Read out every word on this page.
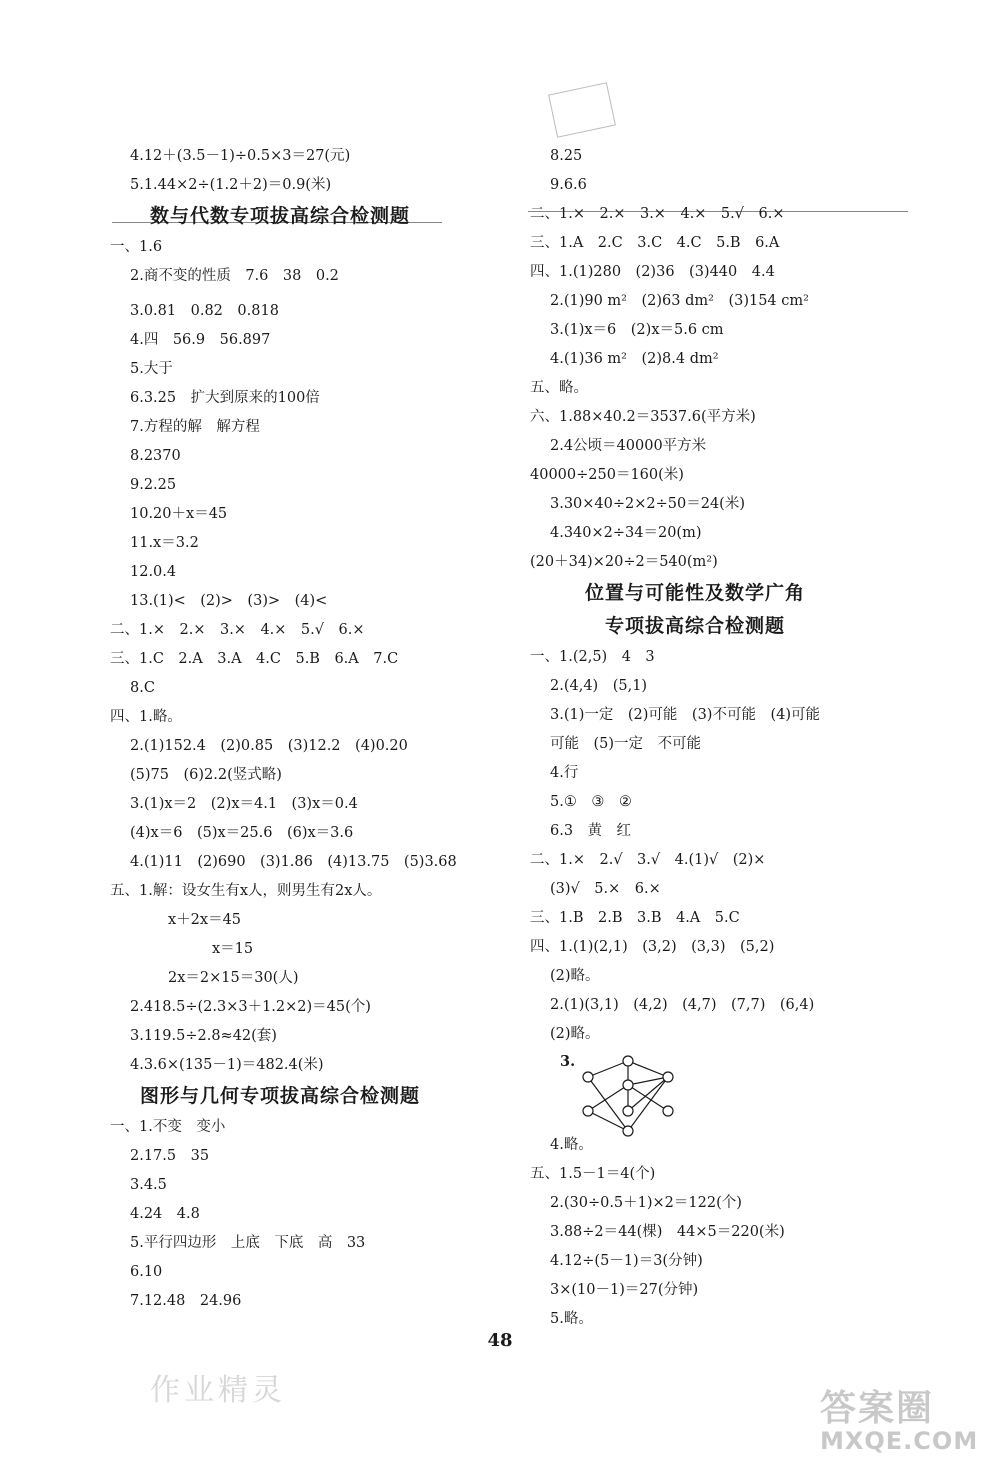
4.12＋(3.5－1)÷0.5×3＝27(元)
5.1.44×2÷(1.2＋2)＝0.9(米)
数与代数专项拔高综合检测题
一、1.6
2.商不变的性质　7.6　38　0.2
3.0.81　0.82　0.818
4.四　56.9　56.897
5.大于
6.3.25　扩大到原来的100倍
7.方程的解　解方程
8.2370
9.2.25
10.20＋x＝45
11.x＝3.2
12.0.4
13.(1)<　(2)>　(3)>　(4)<
二、1.×　2.×　3.×　4.×　5.√　6.×
三、1.C　2.A　3.A　4.C　5.B　6.A　7.C
8.C
四、1.略。
2.(1)152.4　(2)0.85　(3)12.2　(4)0.20
(5)75　(6)2.2(竖式略)
3.(1)x＝2　(2)x＝4.1　(3)x＝0.4
(4)x＝6　(5)x＝25.6　(6)x＝3.6
4.(1)11　(2)690　(3)1.86　(4)13.75　(5)3.68
五、1.解：设女生有x人，则男生有2x人。
x＋2x＝45
x＝15
2x＝2×15＝30(人)
2.418.5÷(2.3×3＋1.2×2)＝45(个)
3.119.5÷2.8≈42(套)
4.3.6×(135－1)＝482.4(米)
图形与几何专项拔高综合检测题
一、1.不变　变小
2.17.5　35
3.4.5
4.24　4.8
5.平行四边形　上底　下底　高　33
6.10
7.12.48　24.96
8.25
9.6.6
二、1.×　2.×　3.×　4.×　5.√　6.×
三、1.A　2.C　3.C　4.C　5.B　6.A
四、1.(1)280　(2)36　(3)440　4.4
2.(1)90 m²　(2)63 dm²　(3)154 cm²
3.(1)x＝6　(2)x＝5.6 cm
4.(1)36 m²　(2)8.4 dm²
五、略。
六、1.88×40.2＝3537.6(平方米)
2.4公顷＝40000平方米
40000÷250＝160(米)
3.30×40÷2×2÷50＝24(米)
4.340×2÷34＝20(m)
(20＋34)×20÷2＝540(m²)
位置与可能性及数学广角
专项拔高综合检测题
一、1.(2,5)　4　3
2.(4,4)　(5,1)
3.(1)一定　(2)可能　(3)不可能　(4)可能
可能　(5)一定　不可能
4.行
5.①　③　②
6.3　黄　红
二、1.×　2.√　3.√　4.(1)√　(2)×
(3)√　5.×　6.×
三、1.B　2.B　3.B　4.A　5.C
四、1.(1)(2,1)　(3,2)　(3,3)　(5,2)
(2)略。
2.(1)(3,1)　(4,2)　(4,7)　(7,7)　(6,4)
(2)略。
3.
4.略。
五、1.5－1＝4(个)
2.(30÷0.5＋1)×2＝122(个)
3.88÷2＝44(棵)　44×5＝220(米)
4.12÷(5－1)＝3(分钟)
3×(10－1)＝27(分钟)
5.略。
48
作业精灵	答案圈
MXQE.COM
